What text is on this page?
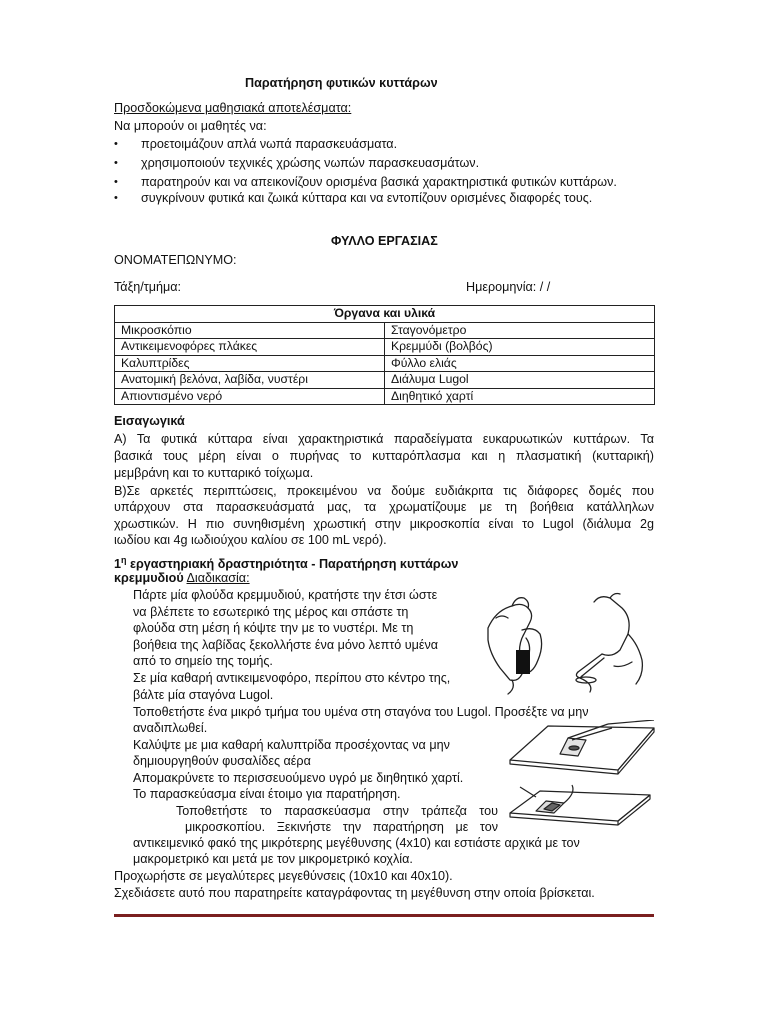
Παρατήρηση φυτικών κυττάρων
Προσδοκώμενα μαθησιακά αποτελέσματα:
Να μπορούν οι μαθητές να:
• προετοιμάζουν απλά νωπά παρασκευάσματα.
• χρησιμοποιούν τεχνικές χρώσης νωπών παρασκευασμάτων.
• παρατηρούν και να απεικονίζουν ορισμένα βασικά χαρακτηριστικά φυτικών κυττάρων.
• συγκρίνουν φυτικά και ζωικά κύτταρα και να εντοπίζουν ορισμένες διαφορές τους.
ΦΥΛΛΟ ΕΡΓΑΣΙΑΣ
ΟΝΟΜΑΤΕΠΩΝΥΜΟ:
Τάξη/τμήμα:	Ημερομηνία: / /
Όργανα και υλικά	
Μικροσκόπιο	Σταγονόμετρο
Αντικειμενοφόρες πλάκες	Κρεμμύδι (βολβός)
Καλυπτρίδες	Φύλλο ελιάς
Ανατομική βελόνα, λαβίδα, νυστέρι	Διάλυμα Lugol
Απιοντισμένο νερό	Διηθητικό χαρτί
Εισαγωγικά
Α) Τα φυτικά κύτταρα είναι χαρακτηριστικά παραδείγματα ευκαρυωτικών κυττάρων. Τα
βασικά τους μέρη είναι ο πυρήνας το κυτταρόπλασμα και η πλασματική (κυτταρική)
μεμβράνη και το κυτταρικό τοίχωμα.
Β)Σε αρκετές περιπτώσεις, προκειμένου να δούμε ευδιάκριτα τις διάφορες δομές που
υπάρχουν στα παρασκευάσματά μας, τα χρωματίζουμε με τη βοήθεια κατάλληλων
χρωστικών. Η πιο συνηθισμένη χρωστική στην μικροσκοπία είναι το Lugol (διάλυμα 2g
ιωδίου και 4g ιωδιούχου καλίου σε 100 mL νερό).
$1^\eta$ εργαστηριακή δραστηριότητα - Παρατήρηση κυττάρων
κρεμμυδιού Διαδικασία:
Πάρτε μία φλούδα κρεμμυδιού, κρατήστε την έτσι ώστε
να βλέπετε το εσωτερικό της μέρος και σπάστε τη
φλούδα στη μέση ή κόψτε την με το νυστέρι. Με τη
βοήθεια της λαβίδας ξεκολλήστε ένα μόνο λεπτό υμένα
από το σημείο της τομής.
Σε μία καθαρή αντικειμενοφόρο, περίπου στο κέντρο της,
βάλτε μία σταγόνα Lugol.
Τοποθετήστε ένα μικρό τμήμα του υμένα στη σταγόνα του Lugol. Προσέξτε να μην
αναδιπλωθεί.
Καλύψτε με μια καθαρή καλυπτρίδα προσέχοντας να μην
δημιουργηθούν φυσαλίδες αέρα
Απομακρύνετε το περισσευούμενο υγρό με διηθητικό χαρτί.
Το παρασκεύασμα είναι έτοιμο για παρατήρηση.
Τοποθετήστε το παρασκεύασμα στην τράπεζα του
μικροσκοπίου. Ξεκινήστε την παρατήρηση με τον
αντικειμενικό φακό της μικρότερης μεγέθυνσης (4x10) και εστιάστε αρχικά με τον
μακρομετρικό και μετά με τον μικρομετρικό κοχλία.
Προχωρήστε σε μεγαλύτερες μεγεθύνσεις (10x10 και 40x10).
Σχεδιάσετε αυτό που παρατηρείτε καταγράφοντας τη μεγέθυνση στην οποία βρίσκεται.
